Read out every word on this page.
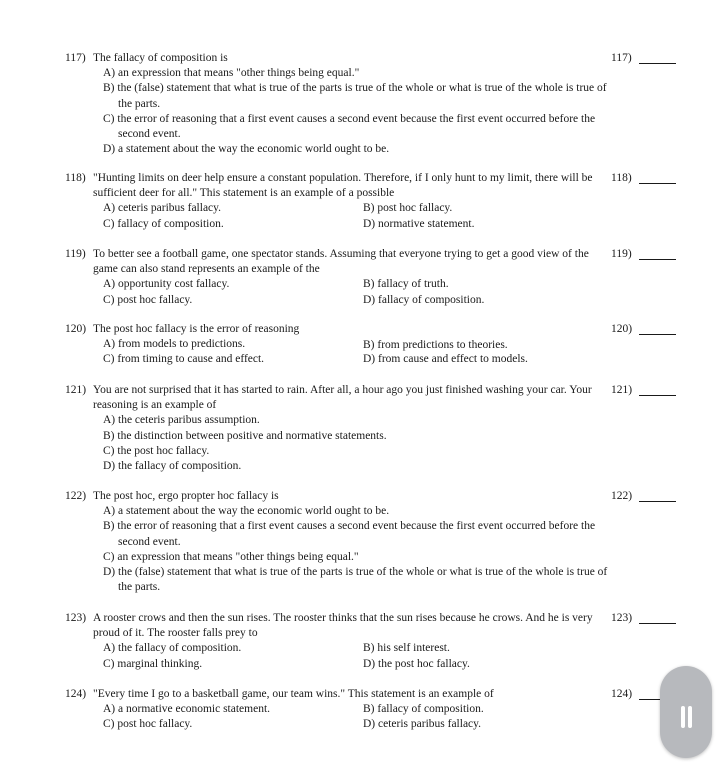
117) The fallacy of composition is	117)
A) an expression that means "other things being equal."
B) the (false) statement that what is true of the parts is true of the whole or what is true of the whole is true of the parts.
C) the error of reasoning that a first event causes a second event because the first event occurred before the second event.
D) a statement about the way the economic world ought to be.
118) "Hunting limits on deer help ensure a constant population. Therefore, if I only hunt to my limit, there will be sufficient deer for all." This statement is an example of a possible
118)
A) ceteris paribus fallacy.	B) post hoc fallacy.
C) fallacy of composition.	D) normative statement.
119) To better see a football game, one spectator stands. Assuming that everyone trying to get a good view of the game can also stand represents an example of the
119)
A) opportunity cost fallacy.	B) fallacy of truth.
C) post hoc fallacy.	D) fallacy of composition.
120) The post hoc fallacy is the error of reasoning	120)
A) from models to predictions.	B) from predictions to theories.
C) from timing to cause and effect.	D) from cause and effect to models.
121) You are not surprised that it has started to rain. After all, a hour ago you just finished washing your car. Your reasoning is an example of
121)
A) the ceteris paribus assumption.
B) the distinction between positive and normative statements.
C) the post hoc fallacy.
D) the fallacy of composition.
122) The post hoc, ergo propter hoc fallacy is	122)
A) a statement about the way the economic world ought to be.
B) the error of reasoning that a first event causes a second event because the first event occurred before the second event.
C) an expression that means "other things being equal."
D) the (false) statement that what is true of the parts is true of the whole or what is true of the whole is true of the parts.
123) A rooster crows and then the sun rises. The rooster thinks that the sun rises because he crows. And he is very proud of it. The rooster falls prey to
123)
A) the fallacy of composition.	B) his self interest.
C) marginal thinking.	D) the post hoc fallacy.
124) "Every time I go to a basketball game, our team wins." This statement is an example of	124)
A) a normative economic statement.	B) fallacy of composition.
C) post hoc fallacy.	D) ceteris paribus fallacy.
